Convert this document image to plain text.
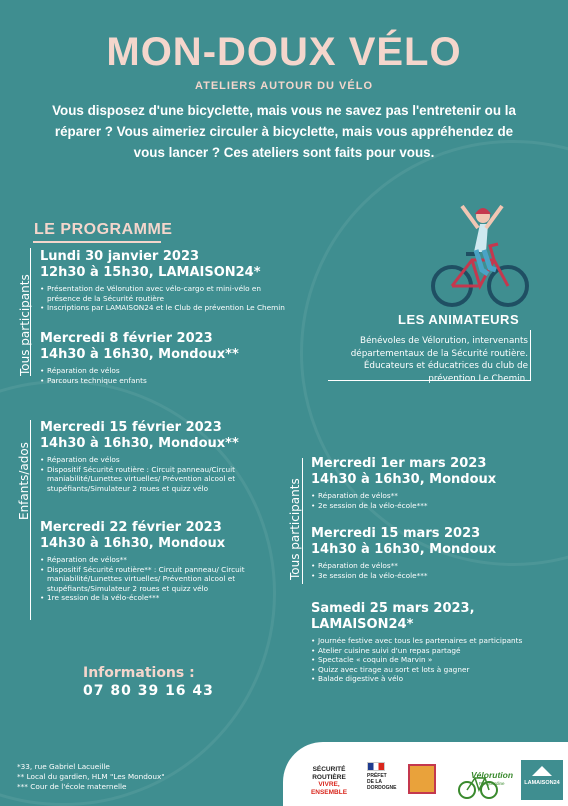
MON-DOUX VÉLO
ATELIERS AUTOUR DU VÉLO
Vous disposez d'une bicyclette, mais vous ne savez pas l'entretenir ou la réparer ? Vous aimeriez circuler à bicyclette, mais vous appréhendez de vous lancer ? Ces ateliers sont faits pour vous.
LE PROGRAMME
Tous participants
Enfants/ados	Tous participants
Lundi 30 janvier 2023
12h30 à 15h30, LAMAISON24*
• Présentation de Vélorution avec vélo-cargo et mini-vélo en présence de la Sécurité routière
• Inscriptions par LAMAISON24 et le Club de prévention Le Chemin
Mercredi 8 février 2023
14h30 à 16h30, Mondoux**
• Réparation de vélos
• Parcours technique enfants
Mercredi 15 février 2023
14h30 à 16h30, Mondoux**
• Réparation de vélos
• Dispositif Sécurité routière : Circuit panneau/Circuit maniabilité/Lunettes virtuelles/ Prévention alcool et stupéfiants/Simulateur 2 roues et quizz vélo
Mercredi 22 février 2023
14h30 à 16h30, Mondoux
• Réparation de vélos**
• Dispositif Sécurité routière** : Circuit panneau/ Circuit maniabilité/Lunettes virtuelles/ Prévention alcool et stupéfiants/Simulateur 2 roues et quizz vélo
• 1re session de la vélo-école***
Mercredi 1er mars 2023
14h30 à 16h30, Mondoux
• Réparation de vélos**
• 2e session de la vélo-école***
Mercredi 15 mars 2023
14h30 à 16h30, Mondoux
• Réparation de vélos**
• 3e session de la vélo-école***
Samedi 25 mars 2023,
LAMAISON24*
• Journée festive avec tous les partenaires et participants
• Atelier cuisine suivi d'un repas partagé
• Spectacle « coquin de Marvin »
• Quizz avec tirage au sort et lots à gagner
• Balade digestive à vélo
LES ANIMATEURS
Bénévoles de Vélorution, intervenants départementaux de la Sécurité routière. Éducateurs et éducatrices du club de prévention Le Chemin.
Informations :
07 80 39 16 43
*33, rue Gabriel Lacueille
** Local du gardien, HLM "Les Mondoux"
*** Cour de l'école maternelle
SÉCURITÉ
ROUTIÈRE VIVRE,
ENSEMBLE
PRÉFET
DE LA
DORDOGNE
Vélorution
Périgourdine	LAMAISON24
